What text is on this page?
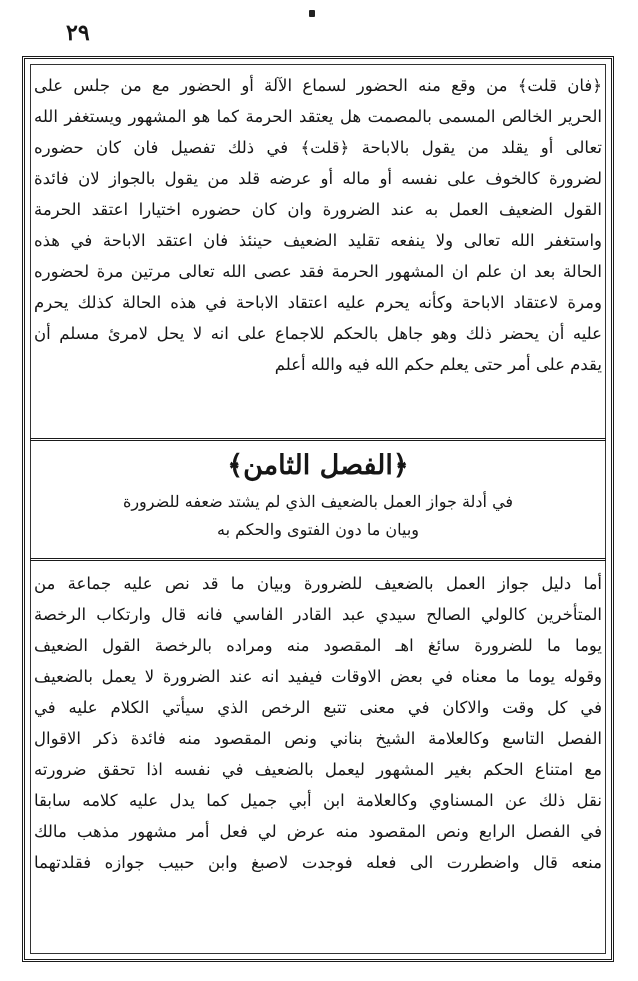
٢٩
﴿فان قلت﴾ من وقع منه الحضور لسماع الآلة أو الحضور مع من جلس على
الحرير الخالص المسمى بالمصمت هل يعتقد الحرمة كما هو المشهور ويستغفر الله
تعالى أو يقلد من يقول بالاباحة ﴿قلت﴾ في ذلك تفصيل فان كان حضوره
لضرورة كالخوف على نفسه أو ماله أو عرضه قلد من يقول بالجواز لان فائدة
القول الضعيف العمل به عند الضرورة وان كان حضوره اختيارا اعتقد الحرمة
واستغفر الله تعالى ولا ينفعه تقليد الضعيف حينئذ فان اعتقد الاباحة في هذه
الحالة بعد ان علم ان المشهور الحرمة فقد عصى الله تعالى مرتين مرة لحضوره
ومرة لاعتقاد الاباحة وكأنه يحرم عليه اعتقاد الاباحة في هذه الحالة كذلك يحرم
عليه أن يحضر ذلك وهو جاهل بالحكم للاجماع على انه لا يحل لامرئ مسلم أن
يقدم على أمر حتى يعلم حكم الله فيه والله أعلم
﴿الفصل الثامن﴾
في أدلة جواز العمل بالضعيف الذي لم يشتد ضعفه للضرورة
وبيان ما دون الفتوى والحكم به
أما دليل جواز العمل بالضعيف للضرورة وبيان ما قد نص عليه جماعة من
المتأخرين كالولي الصالح سيدي عبد القادر الفاسي فانه قال وارتكاب الرخصة
يوما ما للضرورة سائغ اهـ المقصود منه ومراده بالرخصة القول الضعيف
وقوله يوما ما معناه في بعض الاوقات فيفيد انه عند الضرورة لا يعمل بالضعيف
في كل وقت والاكان في معنى تتبع الرخص الذي سيأتي الكلام عليه في
الفصل التاسع وكالعلامة الشيخ بناني ونص المقصود منه فائدة ذكر الاقوال
مع امتناع الحكم بغير المشهور ليعمل بالضعيف في نفسه اذا تحقق ضرورته
نقل ذلك عن المسناوي وكالعلامة ابن أبي جميل كما يدل عليه كلامه سابقا
في الفصل الرابع ونص المقصود منه عرض لي فعل أمر مشهور مذهب مالك
منعه قال واضطررت الى فعله فوجدت لاصبغ وابن حبيب جوازه فقلدتهما
